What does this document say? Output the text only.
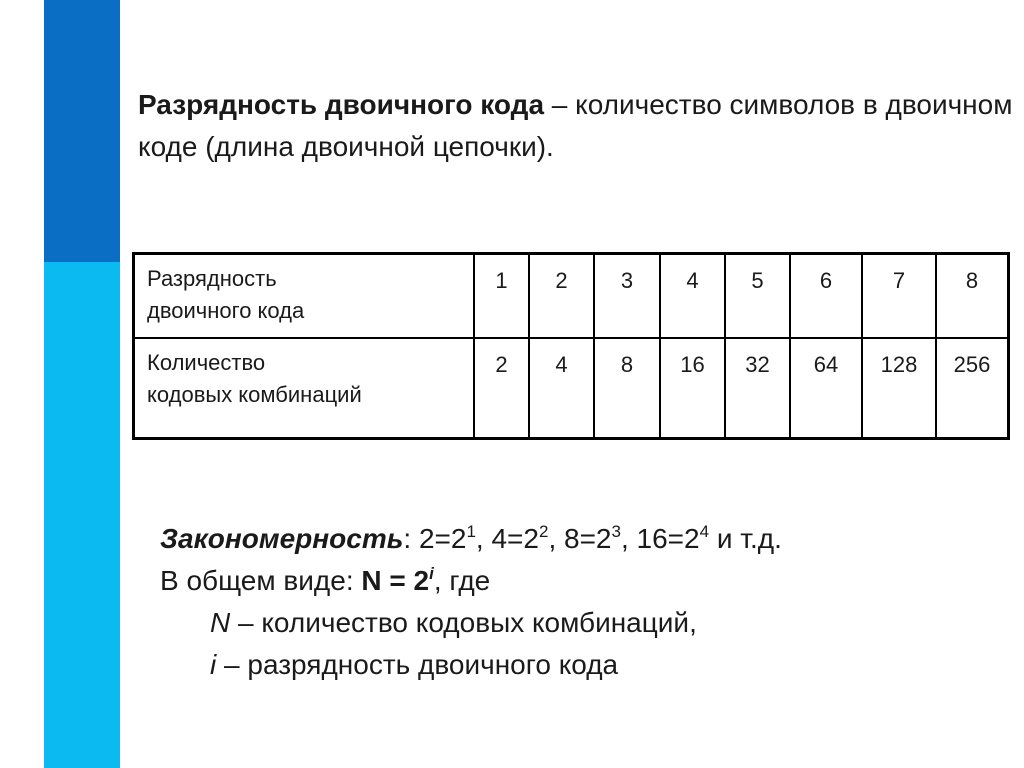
Разрядность двоичного кода – количество символов в двоичном коде (длина двоичной цепочки).
Разрядность
двоичного кода	1	2	3	4	5	6	7	8
Количество
кодовых комбинаций	2	4	8	16	32	64	128	256
Закономерность: $2=2^1$, $4=2^2$, $8=2^3$, $16=2^4$ и т.д.
В общем виде: $N = 2^i$, где
N – количество кодовых комбинаций,
i – разрядность двоичного кода
